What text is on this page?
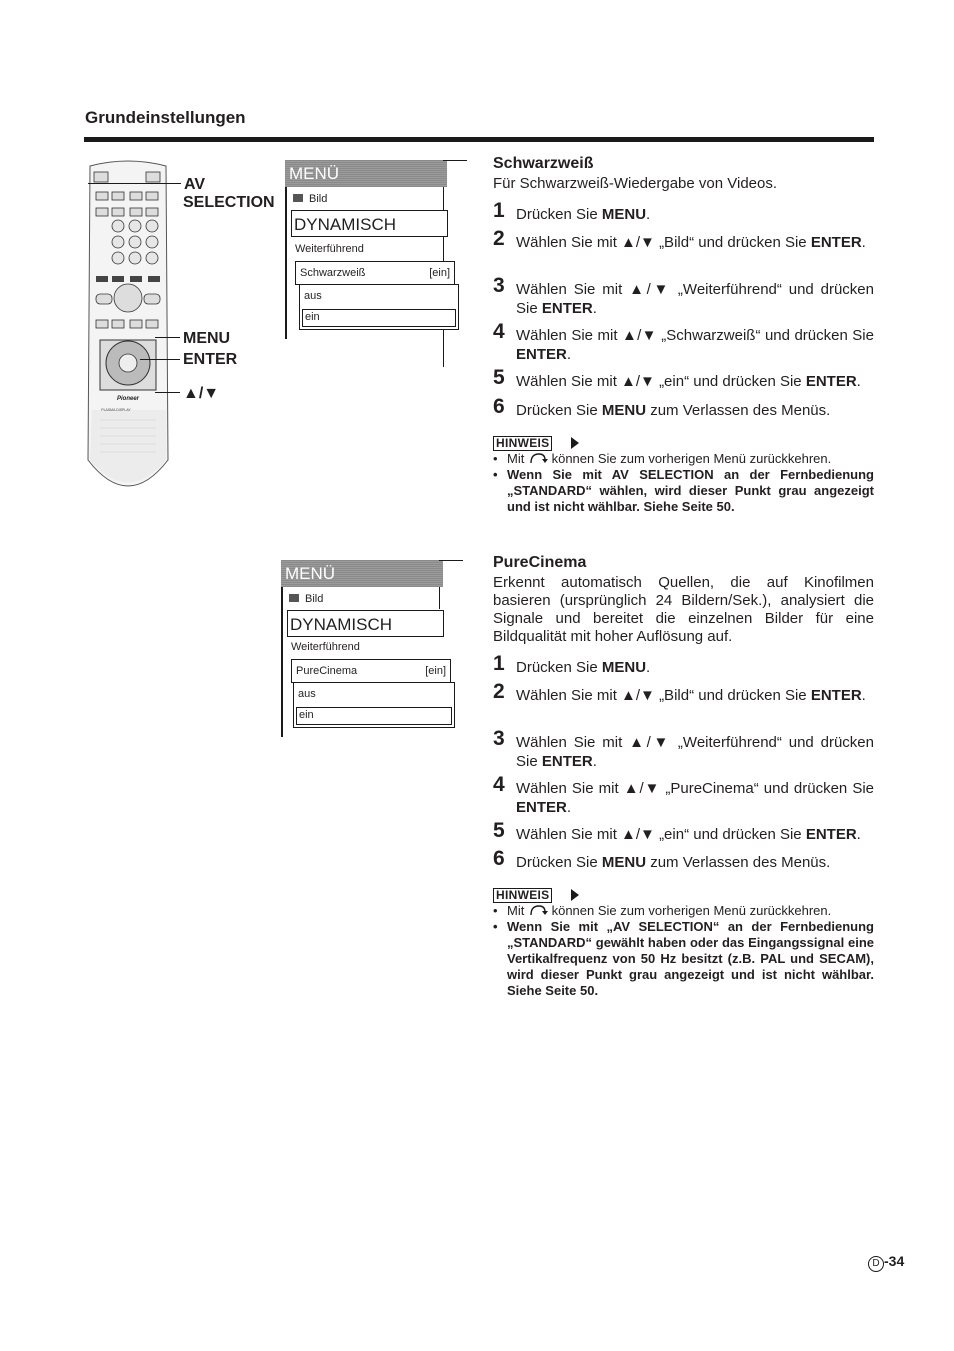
Grundeinstellungen
Pioneer
PLASMA DISPLAY
AV
SELECTION
MENU
ENTER
▲/▼
MENÜ
Bild
DYNAMISCH
Weiterführend
Schwarzweiß	[ein]
aus
ein
MENÜ
Bild
DYNAMISCH
Weiterführend
PureCinema	[ein]
aus
ein
Schwarzweiß
Für Schwarzweiß-Wiedergabe von Videos.
1 Drücken Sie MENU.
2 Wählen Sie mit ▲/▼ „Bild“ und drücken Sie ENTER.
3 Wählen Sie mit ▲/▼ „Weiterführend“ und drücken Sie ENTER.
4 Wählen Sie mit ▲/▼ „Schwarzweiß“ und drücken Sie ENTER.
5 Wählen Sie mit ▲/▼ „ein“ und drücken Sie ENTER.
6 Drücken Sie MENU zum Verlassen des Menüs.
HINWEIS
• Mit können Sie zum vorherigen Menü zurückkehren.
• Wenn Sie mit AV SELECTION an der Fernbedienung „STANDARD“ wählen, wird dieser Punkt grau angezeigt und ist nicht wählbar. Siehe Seite 50.
PureCinema
Erkennt automatisch Quellen, die auf Kinofilmen basieren (ursprünglich 24 Bildern/Sek.), analysiert die Signale und bereitet die einzelnen Bilder für eine Bildqualität mit hoher Auflösung auf.
1 Drücken Sie MENU.
2 Wählen Sie mit ▲/▼ „Bild“ und drücken Sie ENTER.
3 Wählen Sie mit ▲/▼ „Weiterführend“ und drücken Sie ENTER.
4 Wählen Sie mit ▲/▼ „PureCinema“ und drücken Sie ENTER.
5 Wählen Sie mit ▲/▼ „ein“ und drücken Sie ENTER.
6 Drücken Sie MENU zum Verlassen des Menüs.
HINWEIS
• Mit können Sie zum vorherigen Menü zurückkehren.
• Wenn Sie mit „AV SELECTION“ an der Fernbedienung „STANDARD“ gewählt haben oder das Eingangssignal eine Vertikalfrequenz von 50 Hz besitzt (z.B. PAL und SECAM), wird dieser Punkt grau angezeigt und ist nicht wählbar. Siehe Seite 50.
D -34
